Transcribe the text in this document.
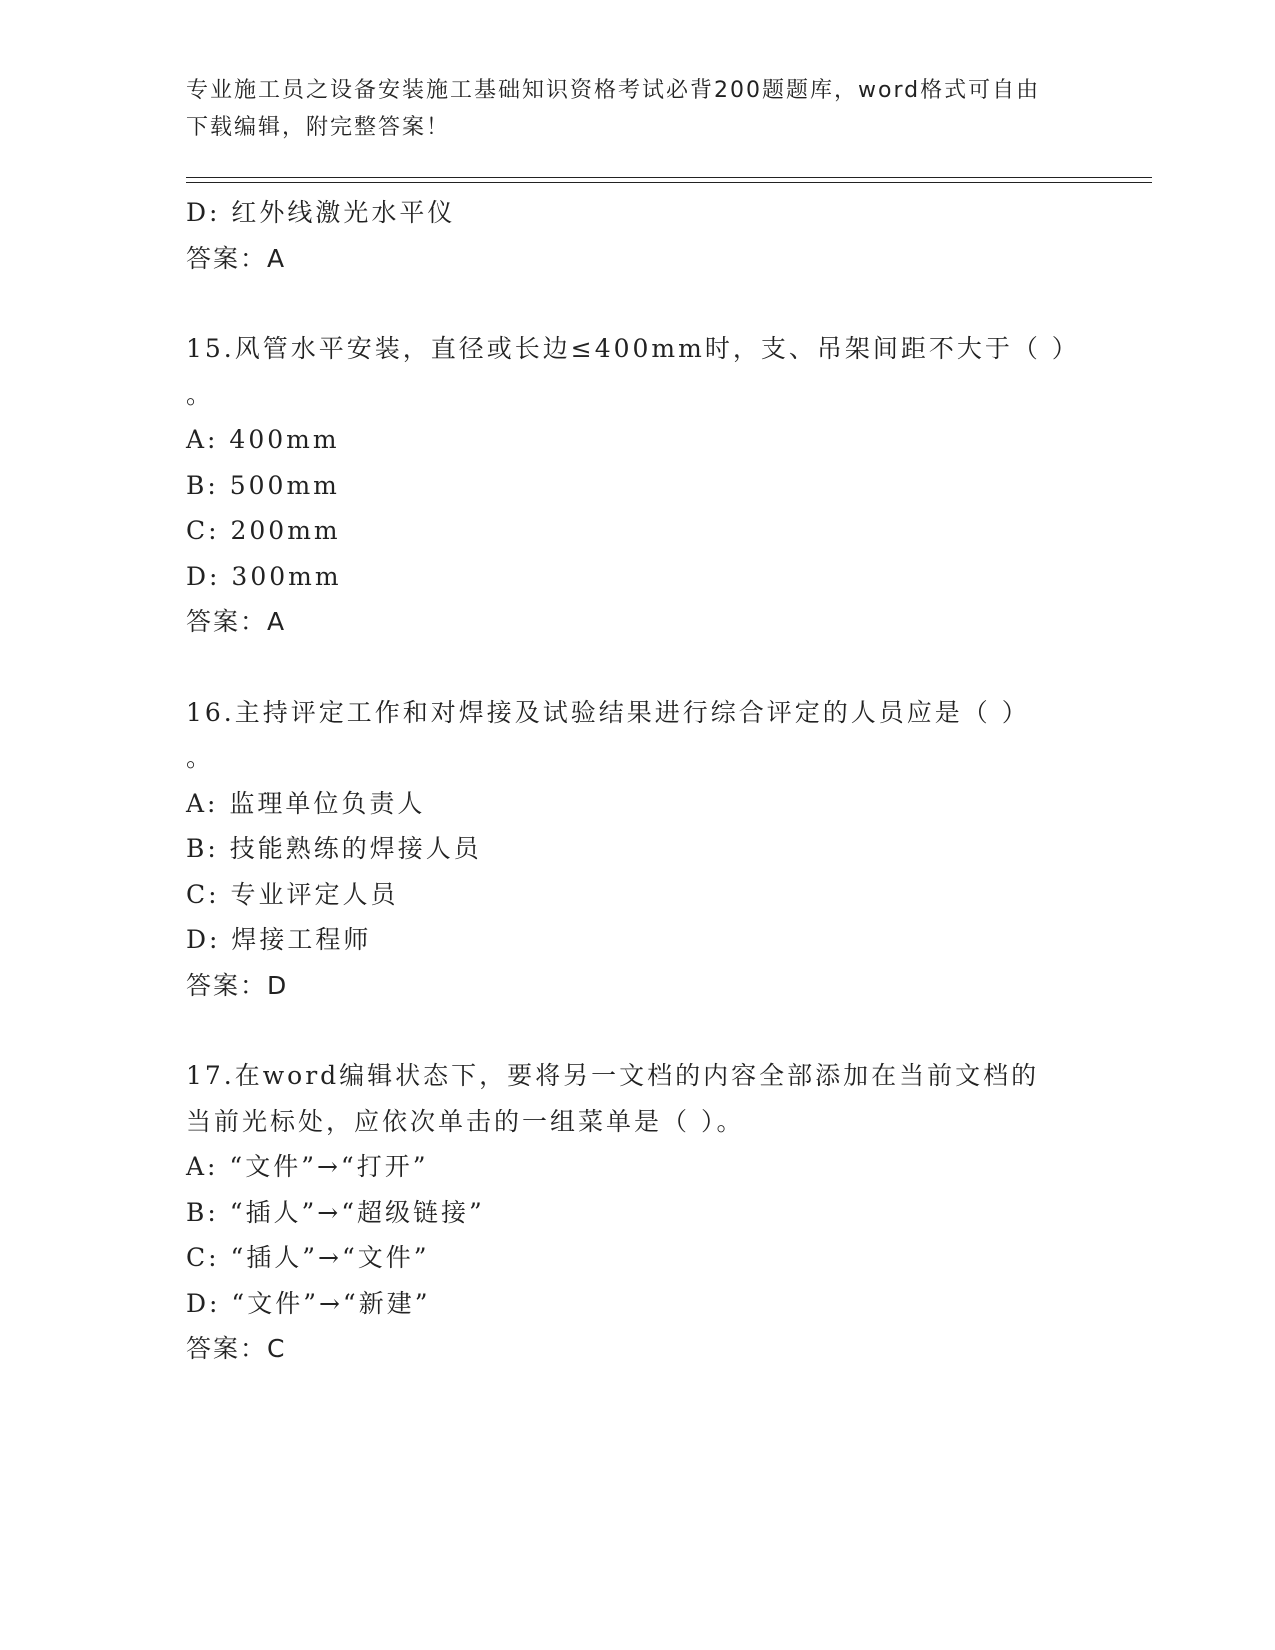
专业施工员之设备安装施工基础知识资格考试必背200题题库，word格式可自由
下载编辑，附完整答案！
D: 红外线激光水平仪
答案：A
15.风管水平安装，直径或长边≤400mm时，支、吊架间距不大于（ ）
。
A: 400mm
B: 500mm
C: 200mm
D: 300mm
答案：A
16.主持评定工作和对焊接及试验结果进行综合评定的人员应是（ ）
。
A: 监理单位负责人
B: 技能熟练的焊接人员
C: 专业评定人员
D: 焊接工程师
答案：D
17.在word编辑状态下，要将另一文档的内容全部添加在当前文档的
当前光标处，应依次单击的一组菜单是（ ）。
A: “文件”→“打开”
B: “插人”→“超级链接”
C: “插人”→“文件”
D: “文件”→“新建”
答案：C
